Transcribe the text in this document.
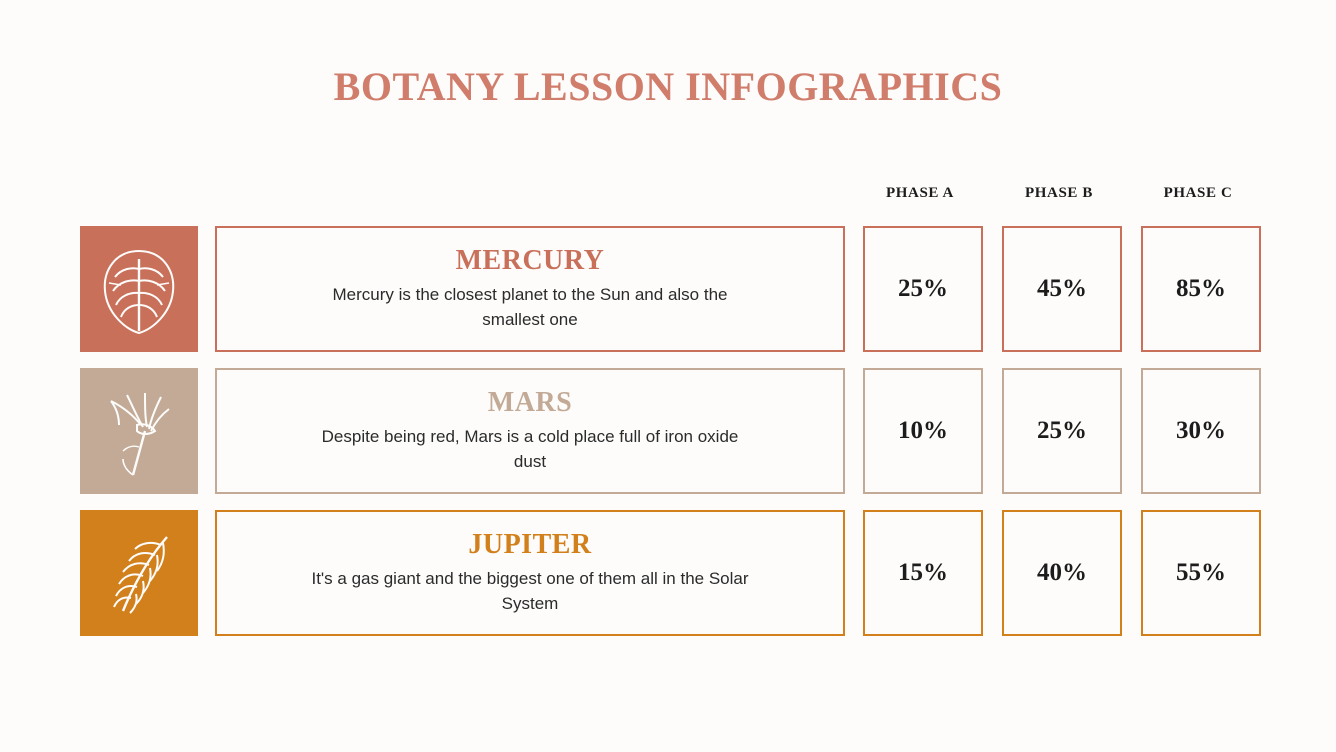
BOTANY LESSON INFOGRAPHICS
PHASE A	PHASE B	PHASE C
MERCURY
Mercury is the closest planet to the Sun and also the smallest one
25%	45%	85%
MARS
Despite being red, Mars is a cold place full of iron oxide dust
10%	25%	30%
JUPITER
It's a gas giant and the biggest one of them all in the Solar System
15%	40%	55%
